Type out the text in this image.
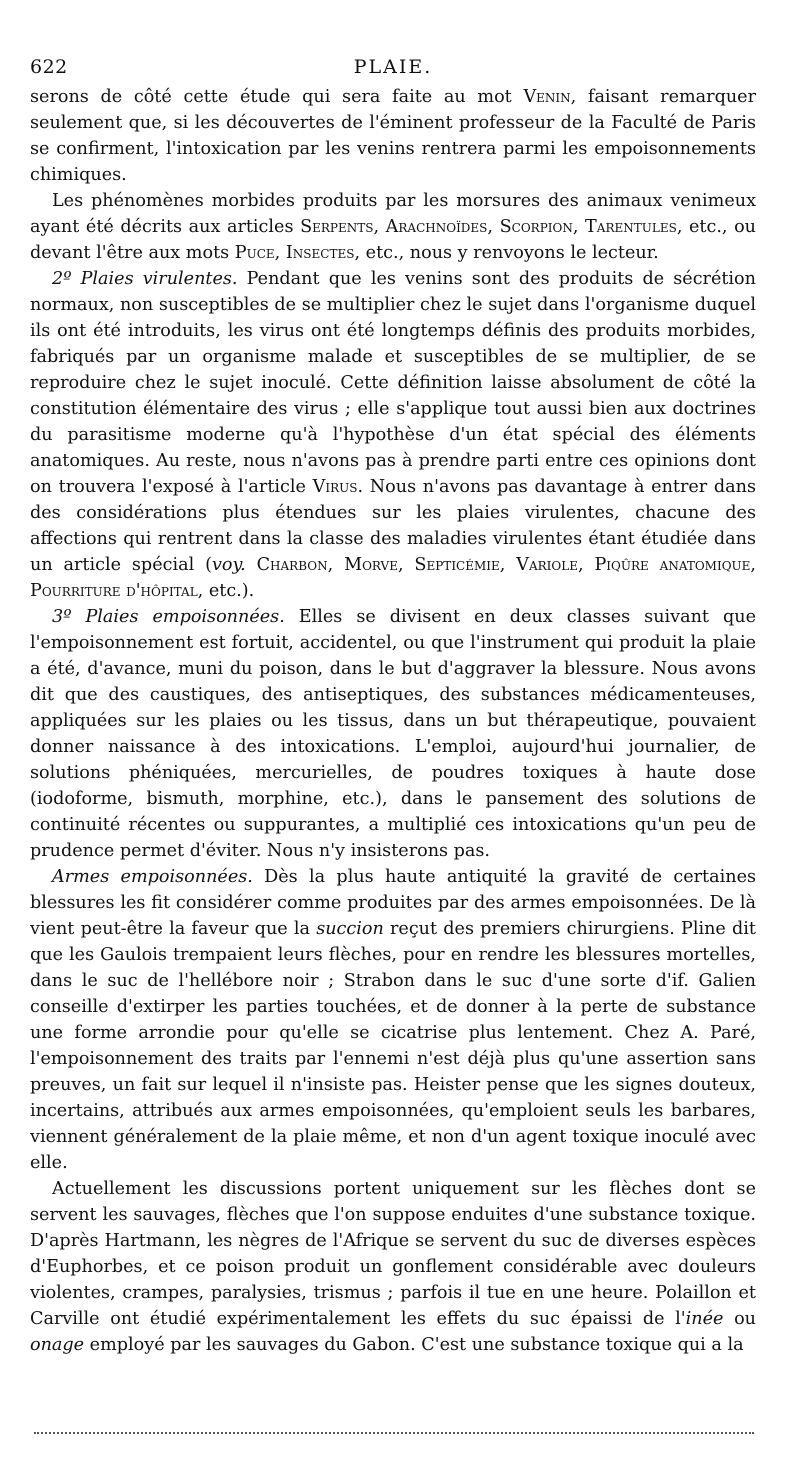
622	PLAIE.

serons de côté cette étude qui sera faite au mot Venin, faisant remarquer seulement que, si les découvertes de l'éminent professeur de la Faculté de Paris se confirment, l'intoxication par les venins rentrera parmi les empoisonnements chimiques.

Les phénomènes morbides produits par les morsures des animaux venimeux ayant été décrits aux articles Serpents, Arachnoïdes, Scorpion, Tarentules, etc., ou devant l'être aux mots Puce, Insectes, etc., nous y renvoyons le lecteur.

2º Plaies virulentes. Pendant que les venins sont des produits de sécrétion normaux, non susceptibles de se multiplier chez le sujet dans l'organisme duquel ils ont été introduits, les virus ont été longtemps définis des produits morbides, fabriqués par un organisme malade et susceptibles de se multiplier, de se reproduire chez le sujet inoculé. Cette définition laisse absolument de côté la constitution élémentaire des virus ; elle s'applique tout aussi bien aux doctrines du parasitisme moderne qu'à l'hypothèse d'un état spécial des éléments anatomiques. Au reste, nous n'avons pas à prendre parti entre ces opinions dont on trouvera l'exposé à l'article Virus. Nous n'avons pas davantage à entrer dans des considérations plus étendues sur les plaies virulentes, chacune des affections qui rentrent dans la classe des maladies virulentes étant étudiée dans un article spécial (voy. Charbon, Morve, Septicémie, Variole, Piqûre anatomique, Pourriture d'hôpital, etc.).

3º Plaies empoisonnées. Elles se divisent en deux classes suivant que l'empoisonnement est fortuit, accidentel, ou que l'instrument qui produit la plaie a été, d'avance, muni du poison, dans le but d'aggraver la blessure. Nous avons dit que des caustiques, des antiseptiques, des substances médicamenteuses, appliquées sur les plaies ou les tissus, dans un but thérapeutique, pouvaient donner naissance à des intoxications. L'emploi, aujourd'hui journalier, de solutions phéniquées, mercurielles, de poudres toxiques à haute dose (iodoforme, bismuth, morphine, etc.), dans le pansement des solutions de continuité récentes ou suppurantes, a multiplié ces intoxications qu'un peu de prudence permet d'éviter. Nous n'y insisterons pas.

Armes empoisonnées. Dès la plus haute antiquité la gravité de certaines blessures les fit considérer comme produites par des armes empoisonnées. De là vient peut-être la faveur que la succion reçut des premiers chirurgiens. Pline dit que les Gaulois trempaient leurs flèches, pour en rendre les blessures mortelles, dans le suc de l'hellébore noir ; Strabon dans le suc d'une sorte d'if. Galien conseille d'extirper les parties touchées, et de donner à la perte de substance une forme arrondie pour qu'elle se cicatrise plus lentement. Chez A. Paré, l'empoisonnement des traits par l'ennemi n'est déjà plus qu'une assertion sans preuves, un fait sur lequel il n'insiste pas. Heister pense que les signes douteux, incertains, attribués aux armes empoisonnées, qu'emploient seuls les barbares, viennent généralement de la plaie même, et non d'un agent toxique inoculé avec elle.

Actuellement les discussions portent uniquement sur les flèches dont se servent les sauvages, flèches que l'on suppose enduites d'une substance toxique. D'après Hartmann, les nègres de l'Afrique se servent du suc de diverses espèces d'Euphorbes, et ce poison produit un gonflement considérable avec douleurs violentes, crampes, paralysies, trismus ; parfois il tue en une heure. Polaillon et Carville ont étudié expérimentalement les effets du suc épaissi de l'inée ou onage employé par les sauvages du Gabon. C'est une substance toxique qui a la
